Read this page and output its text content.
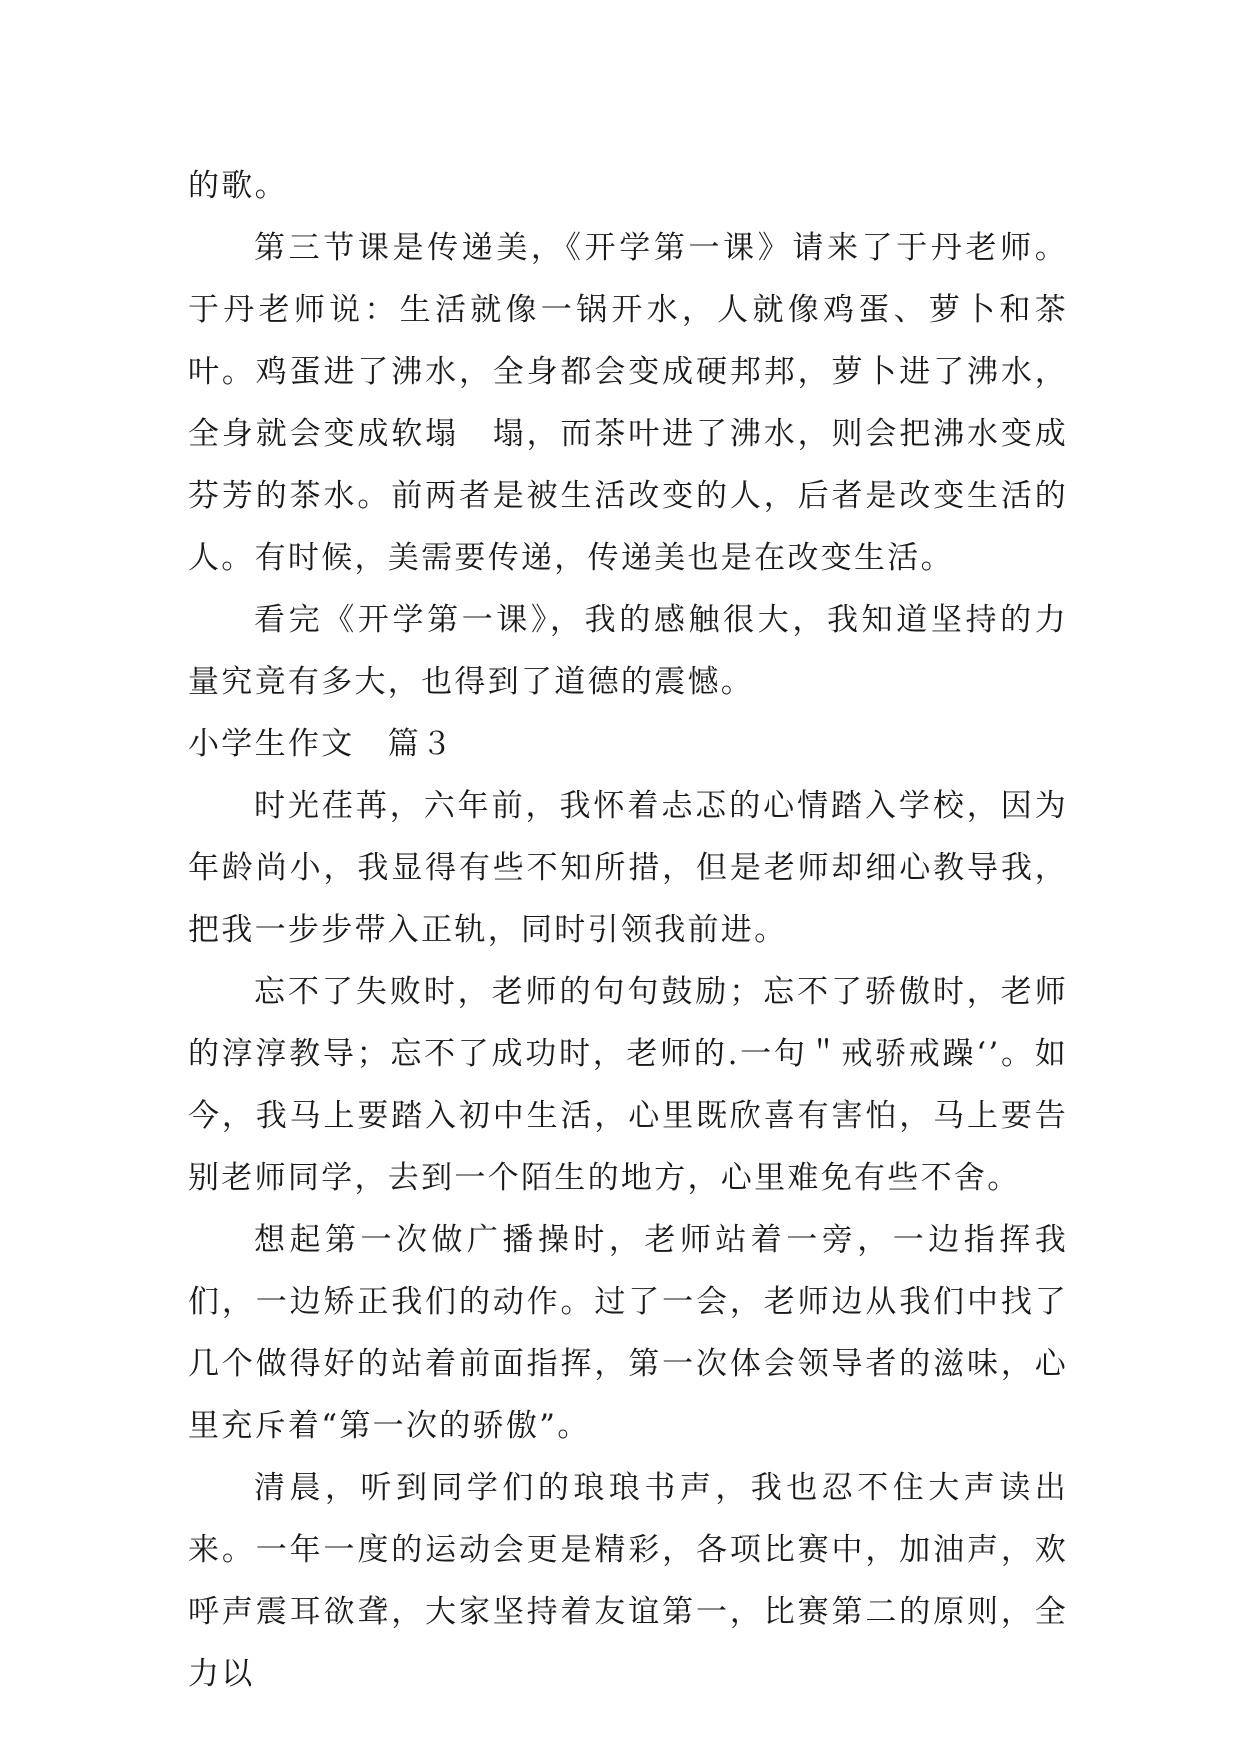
的歌。

第三节课是传递美，《开学第一课》请来了于丹老师。于丹老师说：生活就像一锅开水，人就像鸡蛋、萝卜和茶叶。鸡蛋进了沸水，全身都会变成硬邦邦，萝卜进了沸水，全身就会变成软塌　塌，而茶叶进了沸水，则会把沸水变成芬芳的茶水。前两者是被生活改变的人，后者是改变生活的人。有时候，美需要传递，传递美也是在改变生活。

看完《开学第一课》，我的感触很大，我知道坚持的力量究竟有多大，也得到了道德的震憾。

小学生作文　篇３

时光荏苒，六年前，我怀着忐忑的心情踏入学校，因为年龄尚小，我显得有些不知所措，但是老师却细心教导我，把我一步步带入正轨，同时引领我前进。

忘不了失败时，老师的句句鼓励；忘不了骄傲时，老师的淳淳教导；忘不了成功时，老师的.一句＂戒骄戒躁‘’。如今，我马上要踏入初中生活，心里既欣喜有害怕，马上要告别老师同学，去到一个陌生的地方，心里难免有些不舍。

想起第一次做广播操时，老师站着一旁，一边指挥我们，一边矫正我们的动作。过了一会，老师边从我们中找了几个做得好的站着前面指挥，第一次体会领导者的滋味，心里充斥着“第一次的骄傲”。

清晨，听到同学们的琅琅书声，我也忍不住大声读出来。一年一度的运动会更是精彩，各项比赛中，加油声，欢呼声震耳欲聋，大家坚持着友谊第一，比赛第二的原则，全力以
